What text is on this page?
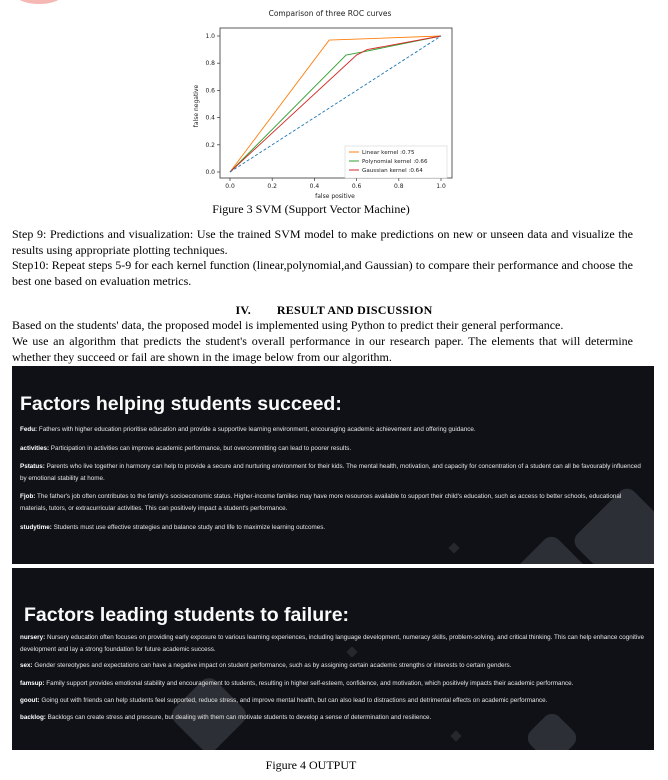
Comparison of three ROC curves
0.0	0.2	0.4	0.6	0.8	1.0
0.0
0.2
0.4
0.6
0.8
1.0
false positive
false negative
Linear kernel :0.75
Polynomial kernel :0.66
Gaussian kernel :0.64
Figure 3 SVM (Support Vector Machine)
Step 9: Predictions and visualization: Use the trained SVM model to make predictions on new or unseen data and visualize the results using appropriate plotting techniques.
Step10: Repeat steps 5-9 for each kernel function (linear,polynomial,and Gaussian) to compare their performance and choose the best one based on evaluation metrics.
IV. RESULT AND DISCUSSION
Based on the students' data, the proposed model is implemented using Python to predict their general performance.
We use an algorithm that predicts the student's overall performance in our research paper. The elements that will determine whether they succeed or fail are shown in the image below from our algorithm.
Factors helping students succeed:
Fedu: Fathers with higher education prioritise education and provide a supportive learning environment, encouraging academic achievement and offering guidance.
activities: Participation in activities can improve academic performance, but overcommitting can lead to poorer results.
Pstatus: Parents who live together in harmony can help to provide a secure and nurturing environment for their kids. The mental health, motivation, and capacity for concentration of a student can all be favourably influenced by emotional stability at home.
Fjob: The father's job often contributes to the family's socioeconomic status. Higher-income families may have more resources available to support their child's education, such as access to better schools, educational materials, tutors, or extracurricular activities. This can positively impact a student's performance.
studytime: Students must use effective strategies and balance study and life to maximize learning outcomes.
Factors leading students to failure:
nursery: Nursery education often focuses on providing early exposure to various learning experiences, including language development, numeracy skills, problem-solving, and critical thinking. This can help enhance cognitive development and lay a strong foundation for future academic success.
sex: Gender stereotypes and expectations can have a negative impact on student performance, such as by assigning certain academic strengths or interests to certain genders.
famsup: Family support provides emotional stability and encouragement to students, resulting in higher self-esteem, confidence, and motivation, which positively impacts their academic performance.
goout: Going out with friends can help students feel supported, reduce stress, and improve mental health, but can also lead to distractions and detrimental effects on academic performance.
backlog: Backlogs can create stress and pressure, but dealing with them can motivate students to develop a sense of determination and resilience.
Figure 4 OUTPUT
